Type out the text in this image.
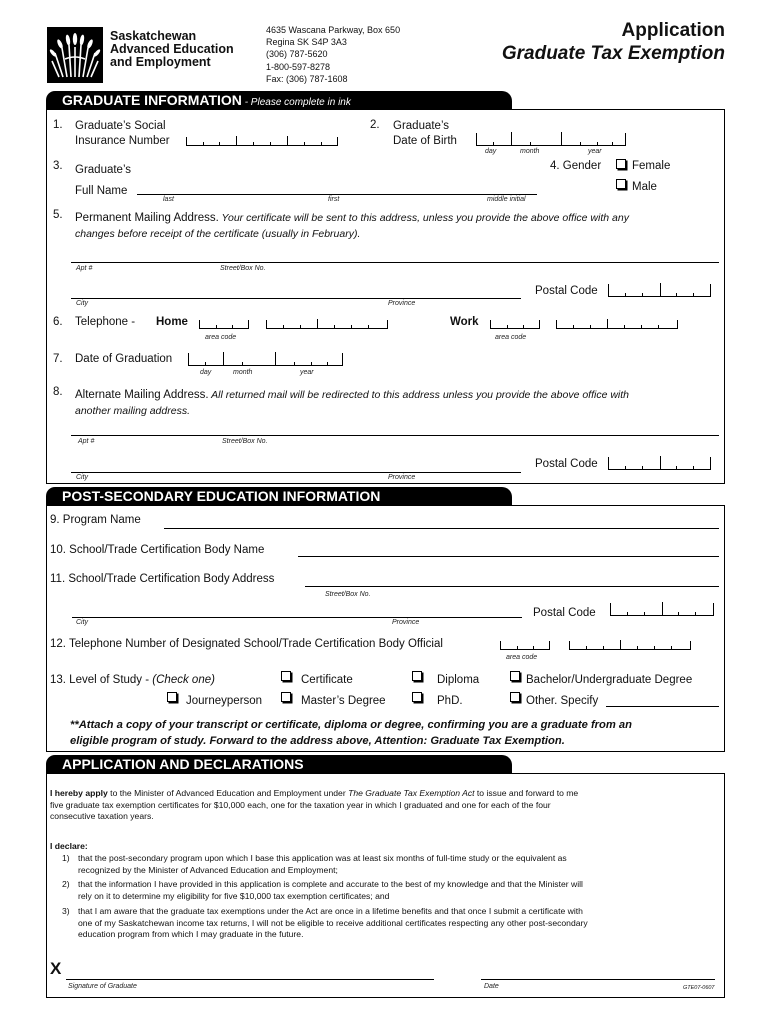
Saskatchewan
Advanced Education
and Employment
4635 Wascana Parkway, Box 650
Regina SK S4P 3A3
(306) 787-5620
1-800-597-8278
Fax: (306) 787-1608
Application
Graduate Tax Exemption
GRADUATE INFORMATION - Please complete in ink
1. Graduate’s Social
Insurance Number
2. Graduate’s
Date of Birth
day	month	year
3. Graduate’s
Full Name
last	first	middle initial
4. Gender	Female
Male
5. Permanent Mailing Address. Your certificate will be sent to this address, unless you provide the above office with any
changes before receipt of the certificate (usually in February).
Apt #	Street/Box No.
Postal Code
City	Province
6. Telephone - Home
area code
Work
area code
7. Date of Graduation
day	month	year
8. Alternate Mailing Address. All returned mail will be redirected to this address unless you provide the above office with
another mailing address.
Apt #	Street/Box No.
Postal Code
City	Province
POST-SECONDARY EDUCATION INFORMATION
9. Program Name
10. School/Trade Certification Body Name
11. School/Trade Certification Body Address
Street/Box No.
Postal Code
City	Province
12. Telephone Number of Designated School/Trade Certification Body Official
area code
13. Level of Study - (Check one)	Certificate	Diploma	Bachelor/Undergraduate Degree
Journeyperson	Master’s Degree	PhD.	Other. Specify
**Attach a copy of your transcript or certificate, diploma or degree, confirming you are a graduate from an
eligible program of study. Forward to the address above, Attention: Graduate Tax Exemption.
APPLICATION AND DECLARATIONS
I hereby apply to the Minister of Advanced Education and Employment under The Graduate Tax Exemption Act to issue and forward to me
five graduate tax exemption certificates for $10,000 each, one for the taxation year in which I graduated and one for each of the four
consecutive taxation years.
I declare:
1) that the post-secondary program upon which I base this application was at least six months of full-time study or the equivalent as
recognized by the Minister of Advanced Education and Employment;
2) that the information I have provided in this application is complete and accurate to the best of my knowledge and that the Minister will
rely on it to determine my eligibility for five $10,000 tax exemption certificates; and
3) that I am aware that the graduate tax exemptions under the Act are once in a lifetime benefits and that once I submit a certificate with
one of my Saskatchewan income tax returns, I will not be eligible to receive additional certificates respecting any other post-secondary
education program from which I may graduate in the future.
X
Signature of Graduate	Date	GTE07-0607
